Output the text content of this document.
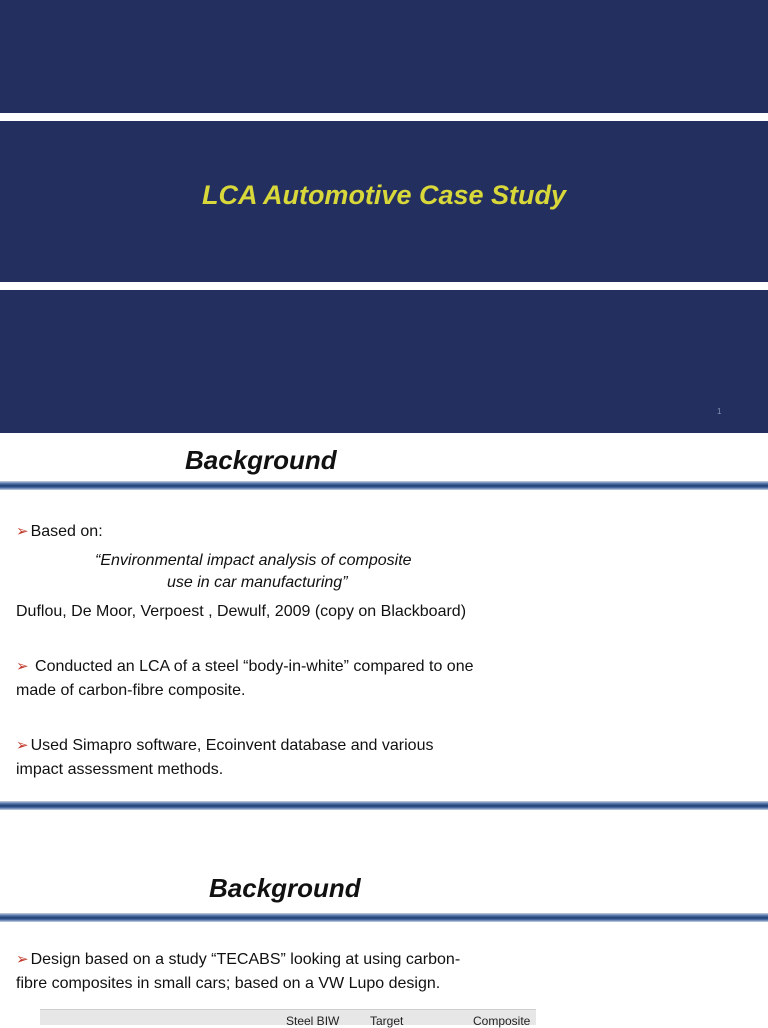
LCA Automotive Case Study
1
Background
➢ Based on:
“Environmental impact analysis of composite
use in car manufacturing”
Duflou, De Moor, Verpoest , Dewulf, 2009 (copy on Blackboard)
➢ Conducted an LCA of a steel “body-in-white” compared to one
made of carbon-fibre composite.
➢ Used Simapro software, Ecoinvent database and various
impact assessment methods.
Background
➢ Design based on a study “TECABS” looking at using carbon-
fibre composites in small cars; based on a VW Lupo design.
Steel BIW	Target	Composite
